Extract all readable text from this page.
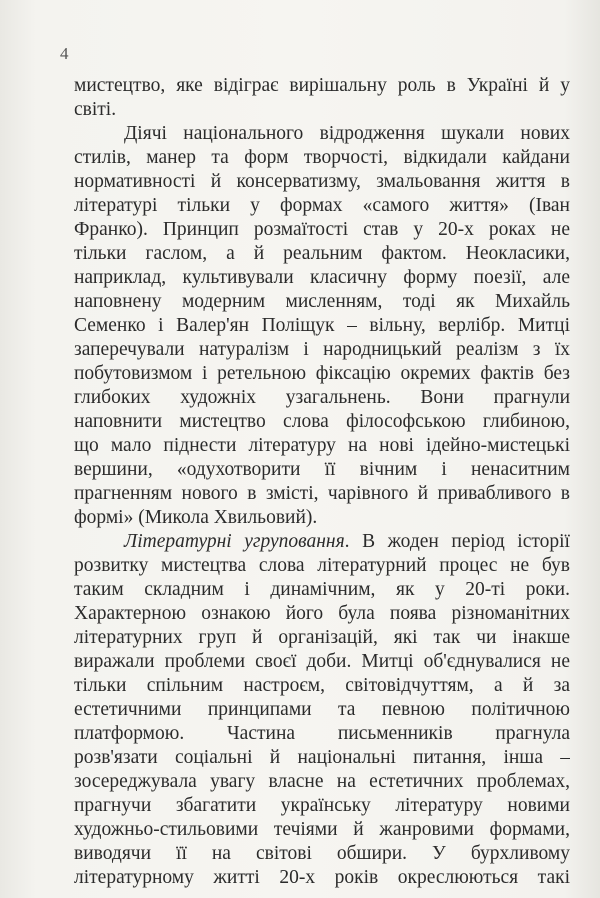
4
мистецтво, яке відіграє вирішальну роль в Україні й у
світі.
Діячі національного відродження шукали нових
стилів, манер та форм творчості, відкидали кайдани
нормативності й консерватизму, змальовання життя в
літературі тільки у формах «самого життя» (Іван
Франко). Принцип розмаїтості став у 20-х роках не
тільки гаслом, а й реальним фактом. Неокласики,
наприклад, культивували класичну форму поезії, але
наповнену модерним мисленням, тоді як Михайль
Семенко і Валер'ян Поліщук – вільну, верлібр. Митці
заперечували натуралізм і народницький реалізм з їх
побутовизмом і ретельною фіксацію окремих фактів без
глибоких художніх узагальнень. Вони прагнули
наповнити мистецтво слова філософською глибиною,
що мало піднести літературу на нові ідейно-мистецькі
вершини, «одухотворити її вічним і ненаситним
прагненням нового в змісті, чарівного й привабливого в
формі» (Микола Хвильовий).
Літературні угруповання. В жоден період історії
розвитку мистецтва слова літературний процес не був
таким складним і динамічним, як у 20-ті роки.
Характерною ознакою його була поява різноманітних
літературних груп й організацій, які так чи інакше
виражали проблеми своєї доби. Митці об'єднувалися не
тільки спільним настроєм, світовідчуттям, а й за
естетичними принципами та певною політичною
платформою. Частина письменників прагнула
розв'язати соціальні й національні питання, інша –
зосереджувала увагу власне на естетичних проблемах,
прагнучи збагатити українську літературу новими
художньо-стильовими течіями й жанровими формами,
виводячи її на світові обшири. У бурхливому
літературному житті 20-х років окреслюються такі
